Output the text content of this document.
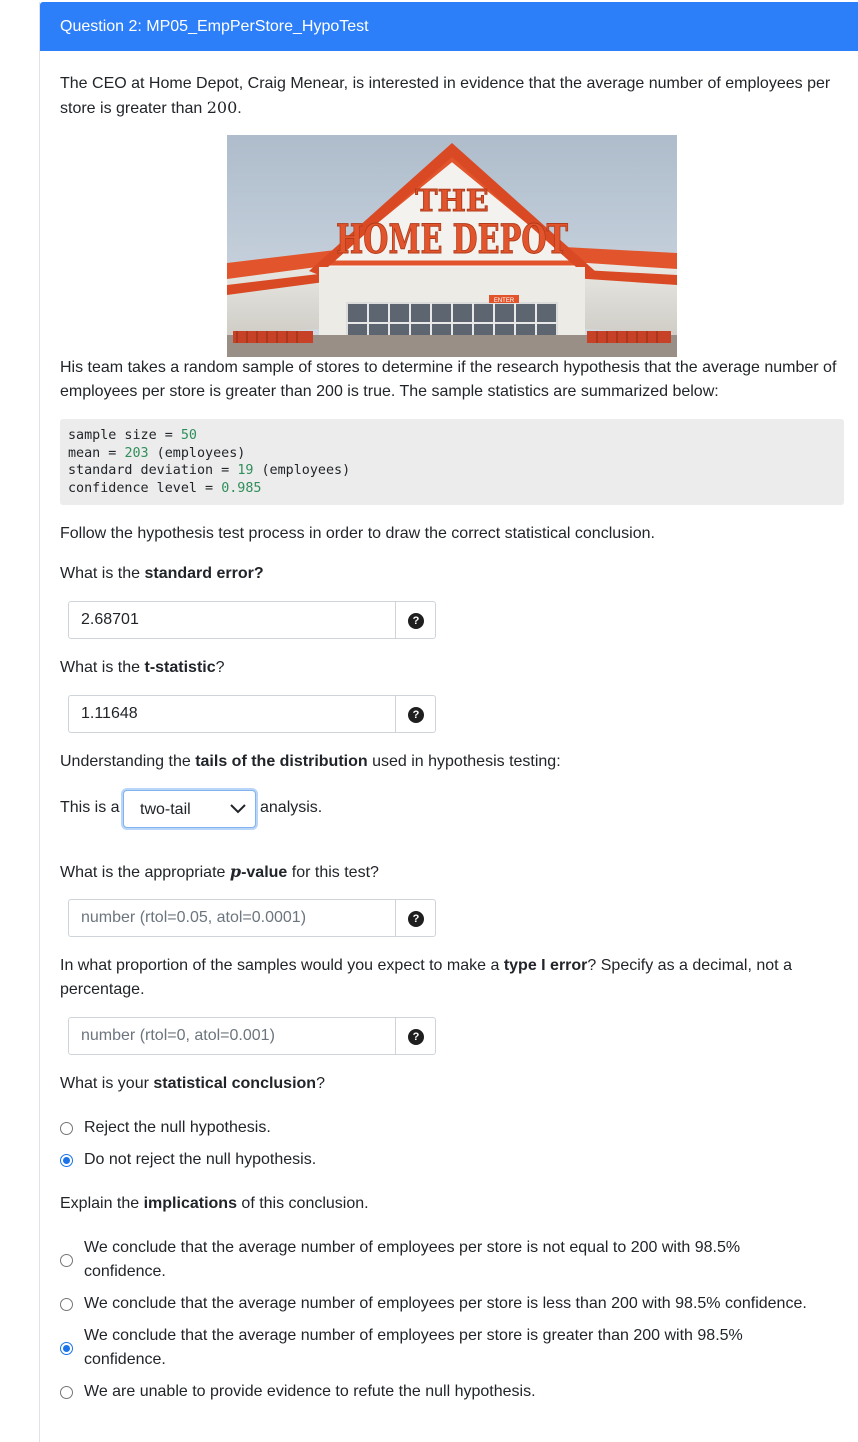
Question 2: MP05_EmpPerStore_HypoTest

The CEO at Home Depot, Craig Menear, is interested in evidence that the average number of employees per store is greater than 200.

THE
HOME DEPOT
ENTER

His team takes a random sample of stores to determine if the research hypothesis that the average number of employees per store is greater than 200 is true. The sample statistics are summarized below:

sample size = 50
mean = 203 (employees)
standard deviation = 19 (employees)
confidence level = 0.985

Follow the hypothesis test process in order to draw the correct statistical conclusion.

What is the standard error?

2.68701
?

What is the t-statistic?

1.11648
?

Understanding the tails of the distribution used in hypothesis testing:

This is a	two-tail	analysis.

What is the appropriate p-value for this test?

number (rtol=0.05, atol=0.0001)
?

In what proportion of the samples would you expect to make a type I error? Specify as a decimal, not a percentage.

number (rtol=0, atol=0.001)
?

What is your statistical conclusion?

Reject the null hypothesis.
Do not reject the null hypothesis.

Explain the implications of this conclusion.

We conclude that the average number of employees per store is not equal to 200 with 98.5% confidence.
We conclude that the average number of employees per store is less than 200 with 98.5% confidence.
We conclude that the average number of employees per store is greater than 200 with 98.5% confidence.
We are unable to provide evidence to refute the null hypothesis.
